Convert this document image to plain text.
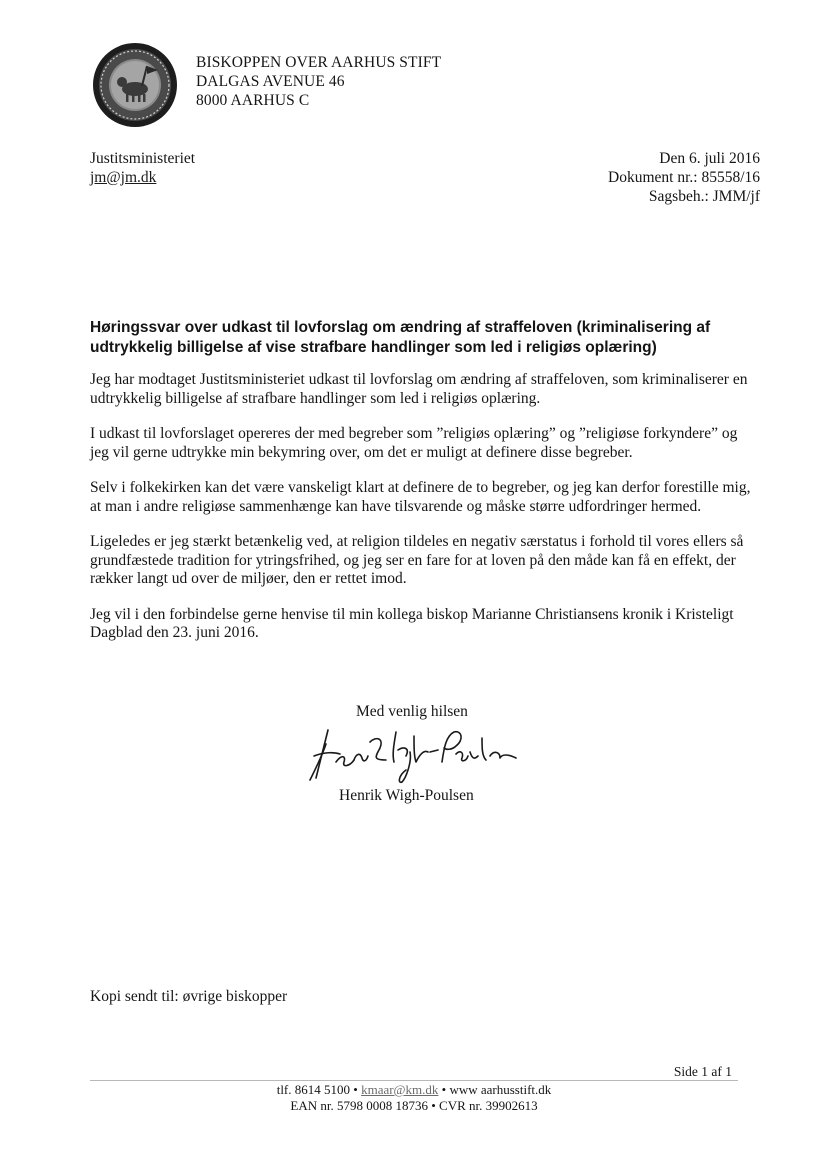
BISKOPPEN OVER AARHUS STIFT
DALGAS AVENUE 46
8000 AARHUS C
Justitsministeriet
jm@jm.dk
Den 6. juli 2016
Dokument nr.: 85558/16
Sagsbeh.: JMM/jf
Høringssvar over udkast til lovforslag om ændring af straffeloven (kriminalisering af udtrykkelig billigelse af vise strafbare handlinger som led i religiøs oplæring)

Jeg har modtaget Justitsministeriet udkast til lovforslag om ændring af straffeloven, som kriminaliserer en udtrykkelig billigelse af strafbare handlinger som led i religiøs oplæring.

I udkast til lovforslaget opereres der med begreber som ”religiøs oplæring” og ”religiøse forkyndere” og jeg vil gerne udtrykke min bekymring over, om det er muligt at definere disse begreber.

Selv i folkekirken kan det være vanskeligt klart at definere de to begreber, og jeg kan derfor forestille mig, at man i andre religiøse sammenhænge kan have tilsvarende og måske større udfordringer hermed.

Ligeledes er jeg stærkt betænkelig ved, at religion tildeles en negativ særstatus i forhold til vores ellers så grundfæstede tradition for ytringsfrihed, og jeg ser en fare for at loven på den måde kan få en effekt, der rækker langt ud over de miljøer, den er rettet imod.

Jeg vil i den forbindelse gerne henvise til min kollega biskop Marianne Christiansens kronik i Kristeligt Dagblad den 23. juni 2016.

Med venlig hilsen
Henrik Wigh-Poulsen
Kopi sendt til: øvrige biskopper
Side 1 af 1
tlf. 8614 5100 • kmaar@km.dk • www aarhusstift.dk
EAN nr. 5798 0008 18736 • CVR nr. 39902613
